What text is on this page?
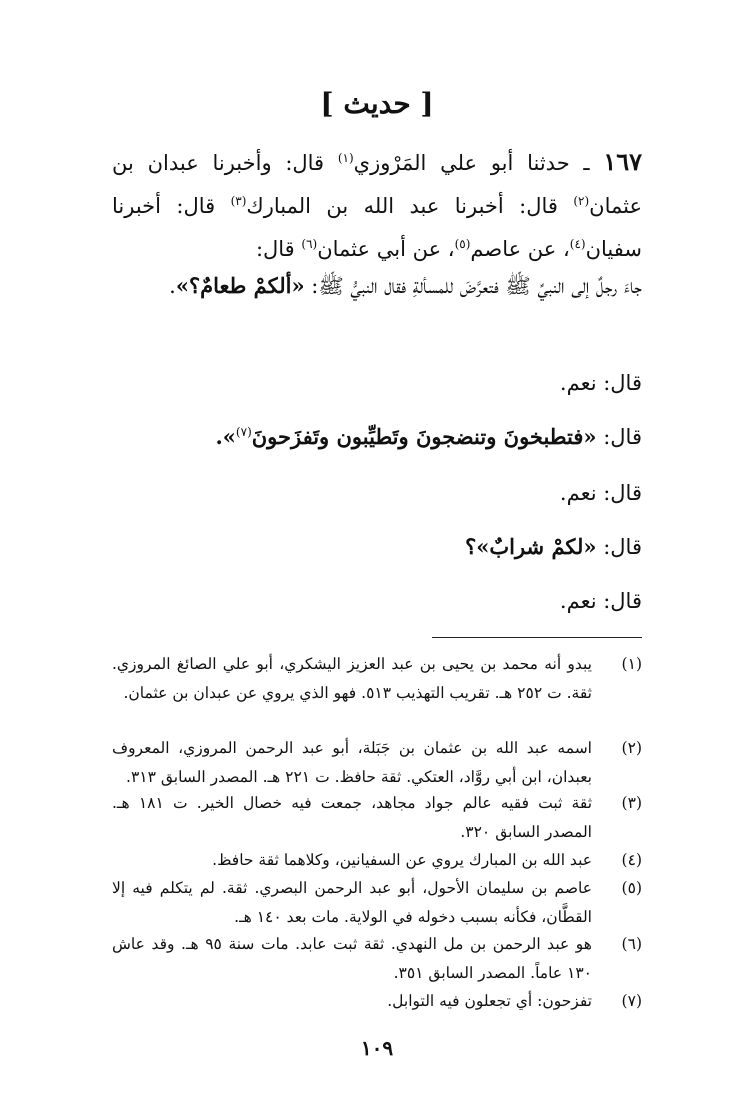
[ حديث ]
١٦٧ ـ حدثنا أبو علي المَرْوزي$^{(١)}$ قال: وأخبرنا عبدان بن عثمان$^{(٢)}$ قال: أخبرنا عبد الله بن المبارك$^{(٣)}$ قال: أخبرنا سفيان$^{(٤)}$، عن عاصم$^{(٥)}$، عن أبي عثمان$^{(٦)}$ قال:
جاءَ رجلٌ إلى النبيِّ ﷺ فتعرَّضَ للمسألةِ فقال النبيُّ ﷺ: «ألكمْ طعامٌ؟».
قال: نعم.
قال: «فتطبخونَ وتنضجونَ وتَطيِّبون وتَفزَحونَ$^{(٧)}$».
قال: نعم.
قال: «لكمْ شرابٌ»؟
قال: نعم.
(١)
يبدو أنه محمد بن يحيى بن عبد العزيز اليشكري، أبو علي الصائغ المروزي. ثقة. ت ٢٥٢ هـ. تقريب التهذيب ٥١٣. فهو الذي يروي عن عبدان بن عثمان.
(٢)
اسمه عبد الله بن عثمان بن جَبَلة، أبو عبد الرحمن المروزي، المعروف بعبدان، ابن أبي روَّاد، العتكي. ثقة حافظ. ت ٢٢١ هـ. المصدر السابق ٣١٣.
(٣)
ثقة ثبت فقيه عالم جواد مجاهد، جمعت فيه خصال الخير. ت ١٨١ هـ. المصدر السابق ٣٢٠.
(٤)
عبد الله بن المبارك يروي عن السفيانين، وكلاهما ثقة حافظ.
(٥)
عاصم بن سليمان الأحول، أبو عبد الرحمن البصري. ثقة. لم يتكلم فيه إلا القطَّان، فكأنه بسبب دخوله في الولاية. مات بعد ١٤٠ هـ.
(٦)
هو عبد الرحمن بن مل النهدي. ثقة ثبت عابد. مات سنة ٩٥ هـ. وقد عاش ١٣٠ عاماً. المصدر السابق ٣٥١.
(٧)
تفزحون: أي تجعلون فيه التوابل.
١٠٩
